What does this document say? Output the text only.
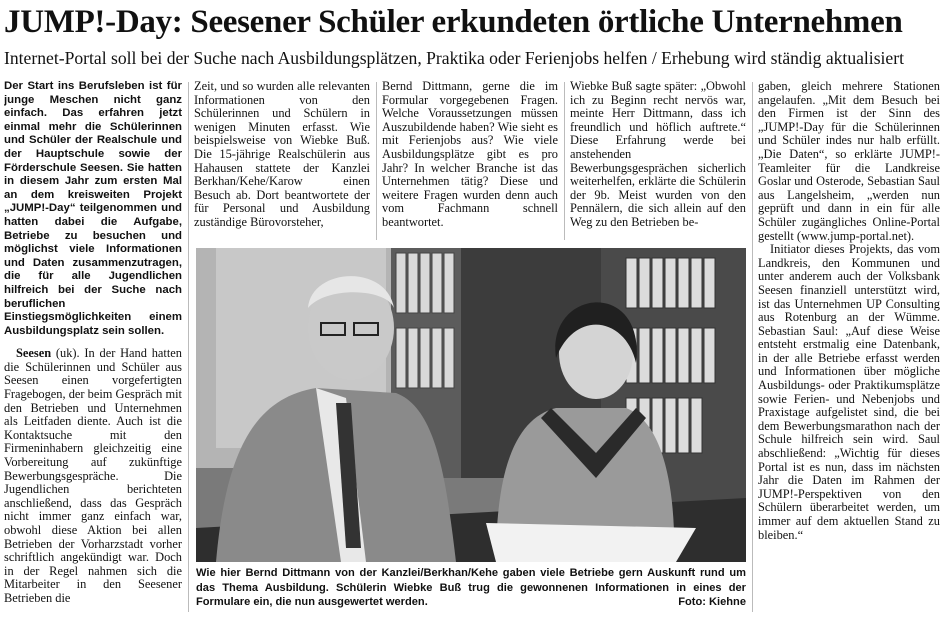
JUMP!-Day: Seesener Schüler erkundeten örtliche Unternehmen
Internet-Portal soll bei der Suche nach Ausbildungsplätzen, Praktika oder Ferienjobs helfen / Erhebung wird ständig aktualisiert

Der Start ins Berufsleben ist für junge Meschen nicht ganz einfach. Das erfahren jetzt einmal mehr die Schülerinnen und Schüler der Realschule und der Hauptschule sowie der Förderschule Seesen. Sie hatten in diesem Jahr zum ersten Mal an dem kreisweiten Projekt „JUMP!-Day“ teilgenommen und hatten dabei die Aufgabe, Betriebe zu besuchen und möglichst viele Informationen und Daten zusammenzutragen, die für alle Jugendlichen hilfreich bei der Suche nach beruflichen Einstiegsmöglichkeiten einem Ausbildungsplatz sein sollen.

Seesen (uk). In der Hand hatten die Schülerinnen und Schüler aus Seesen einen vorgefertigten Fragebogen, der beim Gespräch mit den Betrieben und Unternehmen als Leitfaden diente. Auch ist die Kontaktsuche mit den Firmeninhabern gleichzeitig eine Vorbereitung auf zukünftige Bewerbungsgespräche. Die Jugendlichen berichteten anschließend, dass das Gespräch nicht immer ganz einfach war, obwohl diese Aktion bei allen Betrieben der Vorharzstadt vorher schriftlich angekündigt war. Doch in der Regel nahmen sich die Mitarbeiter in den Seesener Betrieben die

Zeit, und so wurden alle relevanten Informationen von den Schülerinnen und Schülern in wenigen Minuten erfasst. Wie beispielsweise von Wiebke Buß. Die 15-jährige Realschülerin aus Hahausen stattete der Kanzlei Berkhan/Kehe/Karow einen Besuch ab. Dort beantwortete der für Personal und Ausbildung zuständige Bürovorsteher,

Bernd Dittmann, gerne die im Formular vorgegebenen Fragen. Welche Voraussetzungen müssen Auszubildende haben? Wie sieht es mit Ferienjobs aus? Wie viele Ausbildungsplätze gibt es pro Jahr? In welcher Branche ist das Unternehmen tätig? Diese und weitere Fragen wurden denn auch vom Fachmann schnell beantwortet.

Wiebke Buß sagte später: „Obwohl ich zu Beginn recht nervös war, meinte Herr Dittmann, dass ich freundlich und höflich auftrete.“ Diese Erfahrung werde bei anstehenden Bewerbungsgesprächen sicherlich weiterhelfen, erklärte die Schülerin der 9b. Meist wurden von den Pennälern, die sich allein auf den Weg zu den Betrieben be-

gaben, gleich mehrere Stationen angelaufen. „Mit dem Besuch bei den Firmen ist der Sinn des „JUMP!-Day für die Schülerinnen und Schüler indes nur halb erfüllt. „Die Daten“, so erklärte JUMP!-Teamleiter für die Landkreise Goslar und Osterode, Sebastian Saul aus Langelsheim, „werden nun geprüft und dann in ein für alle Schüler zugängliches Online-Portal gestellt (www.jump-portal.net).

Initiator dieses Projekts, das vom Landkreis, den Kommunen und unter anderem auch der Volksbank Seesen finanziell unterstützt wird, ist das Unternehmen UP Consulting aus Rotenburg an der Wümme. Sebastian Saul: „Auf diese Weise entsteht erstmalig eine Datenbank, in der alle Betriebe erfasst werden und Informationen über mögliche Ausbildungs- oder Praktikumsplätze sowie Ferien- und Nebenjobs und Praxistage aufgelistet sind, die bei dem Bewerbungsmarathon nach der Schule hilfreich sein wird. Saul abschließend: „Wichtig für dieses Portal ist es nun, dass im nächsten Jahr die Daten im Rahmen der JUMP!-Perspektiven von den Schülern überarbeitet werden, um immer auf dem aktuellen Stand zu bleiben.“

Wie hier Bernd Dittmann von der Kanzlei/Berkhan/Kehe gaben viele Betriebe gern Auskunft rund um das Thema Ausbildung. Schülerin Wiebke Buß trug die gewonnenen Informationen in eines der Formulare ein, die nun ausgewertet werden.	Foto: Kiehne
